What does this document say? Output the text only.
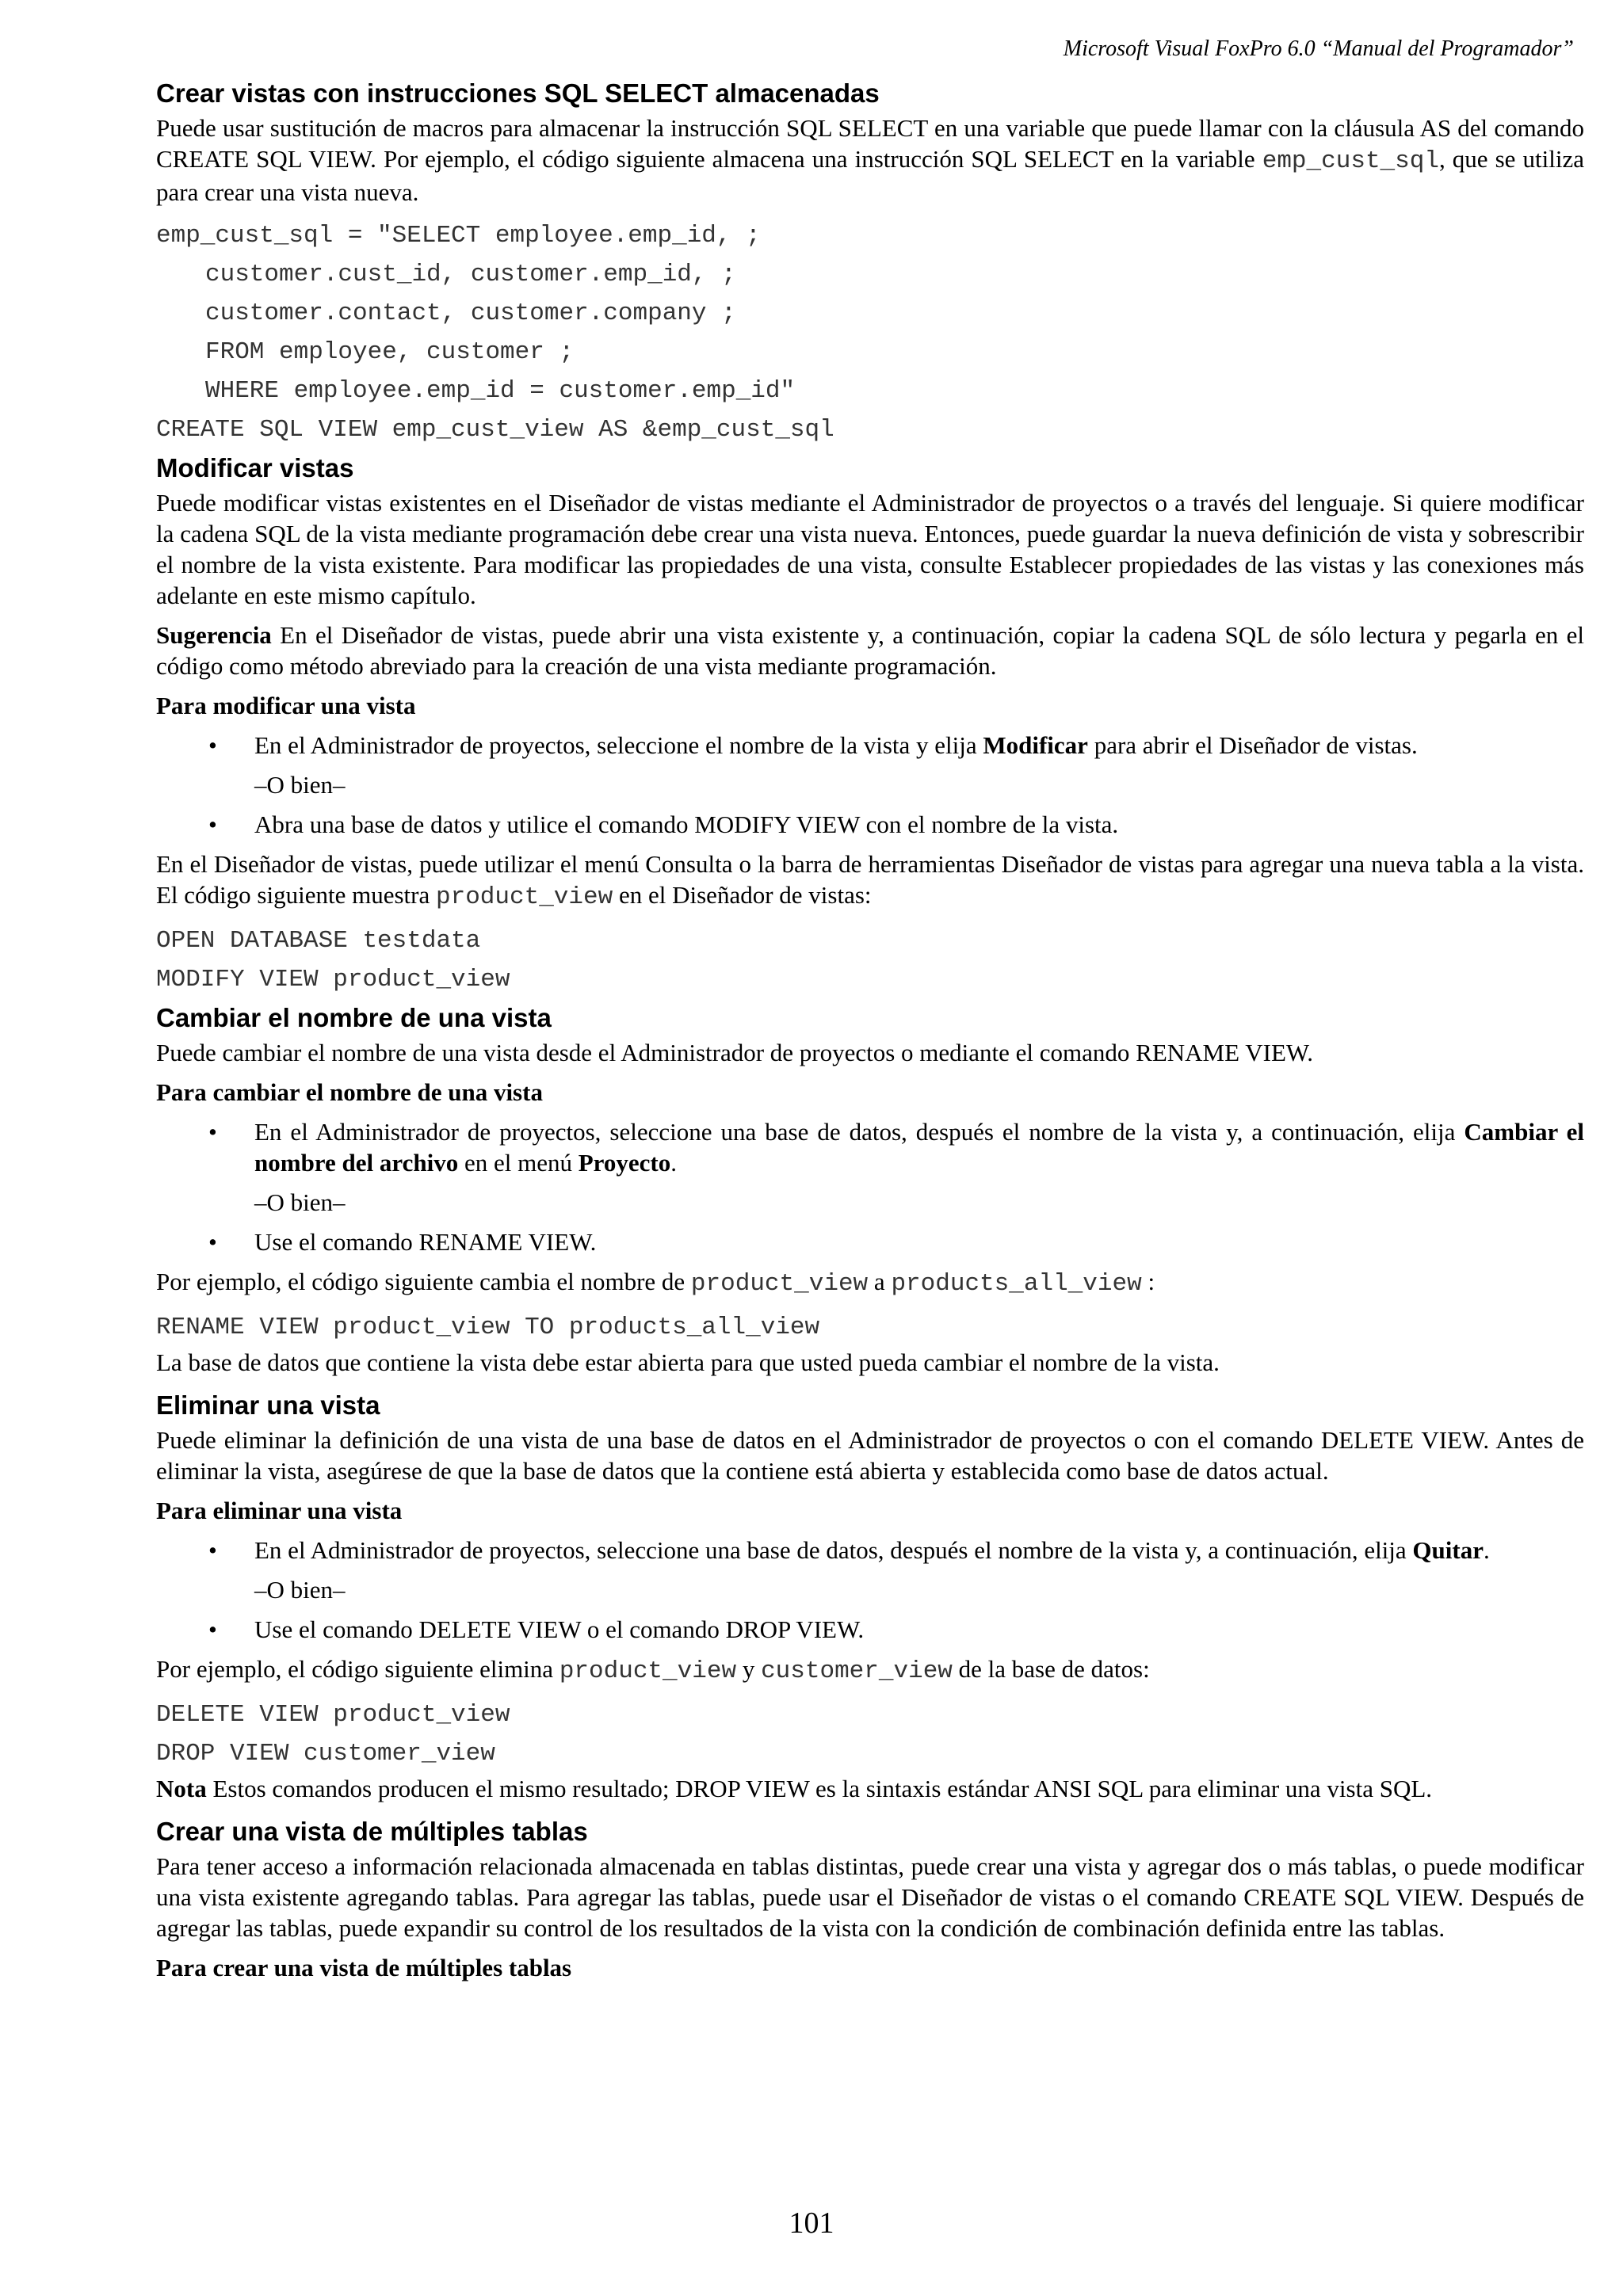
Microsoft Visual FoxPro 6.0 “Manual del Programador”
Crear vistas con instrucciones SQL SELECT almacenadas
Puede usar sustitución de macros para almacenar la instrucción SQL SELECT en una variable que puede llamar con la cláusula AS del comando CREATE SQL VIEW. Por ejemplo, el código siguiente almacena una instrucción SQL SELECT en la variable emp_cust_sql, que se utiliza para crear una vista nueva.
emp_cust_sql = "SELECT employee.emp_id, ;
customer.cust_id, customer.emp_id, ;
customer.contact, customer.company ;
FROM employee, customer ;
WHERE employee.emp_id = customer.emp_id"
CREATE SQL VIEW emp_cust_view AS &emp_cust_sql
Modificar vistas
Puede modificar vistas existentes en el Diseñador de vistas mediante el Administrador de proyectos o a través del lenguaje. Si quiere modificar la cadena SQL de la vista mediante programación debe crear una vista nueva. Entonces, puede guardar la nueva definición de vista y sobrescribir el nombre de la vista existente. Para modificar las propiedades de una vista, consulte Establecer propiedades de las vistas y las conexiones más adelante en este mismo capítulo.
Sugerencia En el Diseñador de vistas, puede abrir una vista existente y, a continuación, copiar la cadena SQL de sólo lectura y pegarla en el código como método abreviado para la creación de una vista mediante programación.
Para modificar una vista
• En el Administrador de proyectos, seleccione el nombre de la vista y elija Modificar para abrir el Diseñador de vistas.
–O bien–
• Abra una base de datos y utilice el comando MODIFY VIEW con el nombre de la vista.
En el Diseñador de vistas, puede utilizar el menú Consulta o la barra de herramientas Diseñador de vistas para agregar una nueva tabla a la vista. El código siguiente muestra product_view en el Diseñador de vistas:
OPEN DATABASE testdata
MODIFY VIEW product_view
Cambiar el nombre de una vista
Puede cambiar el nombre de una vista desde el Administrador de proyectos o mediante el comando RENAME VIEW.
Para cambiar el nombre de una vista
• En el Administrador de proyectos, seleccione una base de datos, después el nombre de la vista y, a continuación, elija Cambiar el nombre del archivo en el menú Proyecto.
–O bien–
• Use el comando RENAME VIEW.
Por ejemplo, el código siguiente cambia el nombre de product_view a products_all_view :
RENAME VIEW product_view TO products_all_view
La base de datos que contiene la vista debe estar abierta para que usted pueda cambiar el nombre de la vista.
Eliminar una vista
Puede eliminar la definición de una vista de una base de datos en el Administrador de proyectos o con el comando DELETE VIEW. Antes de eliminar la vista, asegúrese de que la base de datos que la contiene está abierta y establecida como base de datos actual.
Para eliminar una vista
• En el Administrador de proyectos, seleccione una base de datos, después el nombre de la vista y, a continuación, elija Quitar.
–O bien–
• Use el comando DELETE VIEW o el comando DROP VIEW.
Por ejemplo, el código siguiente elimina product_view y customer_view de la base de datos:
DELETE VIEW product_view
DROP VIEW customer_view
Nota Estos comandos producen el mismo resultado; DROP VIEW es la sintaxis estándar ANSI SQL para eliminar una vista SQL.
Crear una vista de múltiples tablas
Para tener acceso a información relacionada almacenada en tablas distintas, puede crear una vista y agregar dos o más tablas, o puede modificar una vista existente agregando tablas. Para agregar las tablas, puede usar el Diseñador de vistas o el comando CREATE SQL VIEW. Después de agregar las tablas, puede expandir su control de los resultados de la vista con la condición de combinación definida entre las tablas.
Para crear una vista de múltiples tablas
101
